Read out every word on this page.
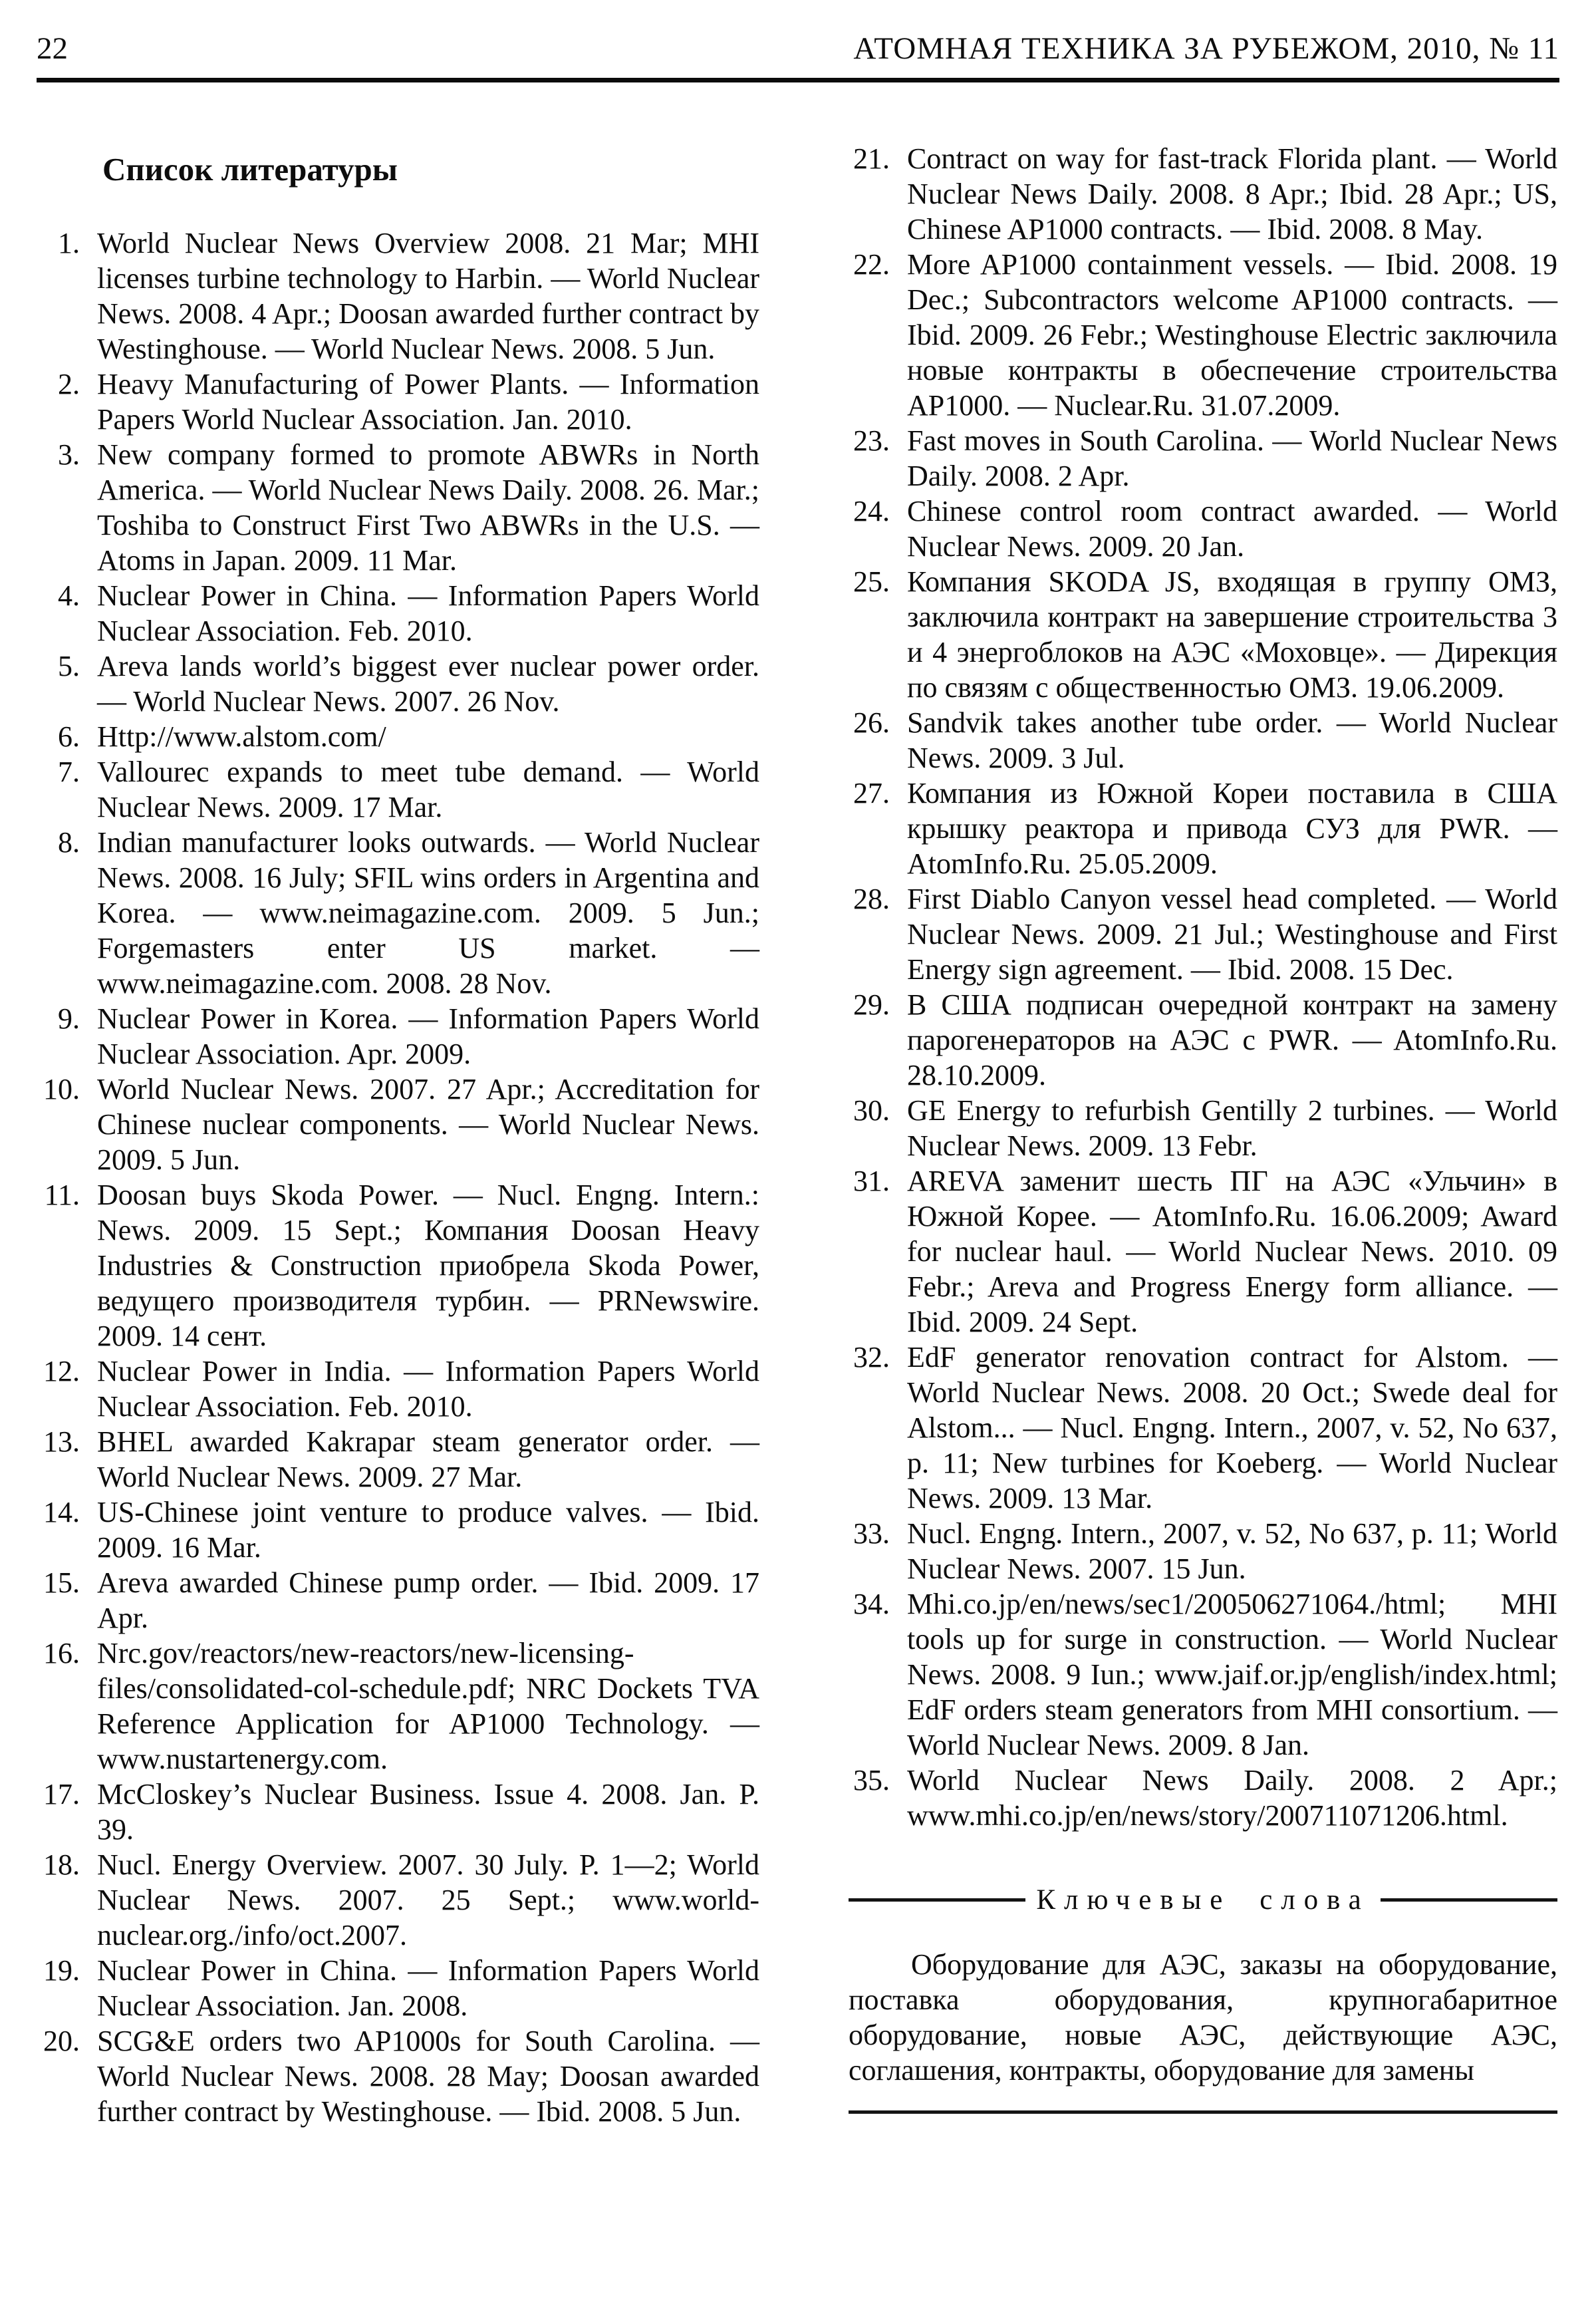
22	АТОМНАЯ ТЕХНИКА ЗА РУБЕЖОМ, 2010, № 11
Список литературы
1. World Nuclear News Overview 2008. 21 Mar; MHI licenses turbine technology to Harbin. — World Nuclear News. 2008. 4 Apr.; Doosan awarded further contract by Westinghouse. — World Nuclear News. 2008. 5 Jun.
2. Heavy Manufacturing of Power Plants. — Information Papers World Nuclear Association. Jan. 2010.
3. New company formed to promote ABWRs in North America. — World Nuclear News Daily. 2008. 26. Mar.; Toshiba to Construct First Two ABWRs in the U.S. — Atoms in Japan. 2009. 11 Mar.
4. Nuclear Power in China. — Information Papers World Nuclear Association. Feb. 2010.
5. Areva lands world’s biggest ever nuclear power order. — World Nuclear News. 2007. 26 Nov.
6. Http://www.alstom.com/
7. Vallourec expands to meet tube demand. — World Nuclear News. 2009. 17 Mar.
8. Indian manufacturer looks outwards. — World Nuclear News. 2008. 16 July; SFIL wins orders in Argentina and Korea. — www.neimagazine.com. 2009. 5 Jun.; Forgemasters enter US market. — www.neimagazine.com. 2008. 28 Nov.
9. Nuclear Power in Korea. — Information Papers World Nuclear Association. Apr. 2009.
10. World Nuclear News. 2007. 27 Apr.; Accreditation for Chinese nuclear components. — World Nuclear News. 2009. 5 Jun.
11. Doosan buys Skoda Power. — Nucl. Engng. Intern.: News. 2009. 15 Sept.; Компания Doosan Heavy Industries & Construction приобрела Skoda Power, ведущего производителя турбин. — PRNewswire. 2009. 14 сент.
12. Nuclear Power in India. — Information Papers World Nuclear Association. Feb. 2010.
13. BHEL awarded Kakrapar steam generator order. — World Nuclear News. 2009. 27 Mar.
14. US-Chinese joint venture to produce valves. — Ibid. 2009. 16 Mar.
15. Areva awarded Chinese pump order. — Ibid. 2009. 17 Apr.
16. Nrc.gov/reactors/new-reactors/new-licensing-files/consolidated-col-schedule.pdf; NRC Dockets TVA Reference Application for AP1000 Technology. — www.nustartenergy.com.
17. McCloskey’s Nuclear Business. Issue 4. 2008. Jan. P. 39.
18. Nucl. Energy Overview. 2007. 30 July. P. 1—2; World Nuclear News. 2007. 25 Sept.; www.world-nuclear.org./info/oct.2007.
19. Nuclear Power in China. — Information Papers World Nuclear Association. Jan. 2008.
20. SCG&E orders two AP1000s for South Carolina. — World Nuclear News. 2008. 28 May; Doosan awarded further contract by Westinghouse. — Ibid. 2008. 5 Jun.
21. Contract on way for fast-track Florida plant. — World Nuclear News Daily. 2008. 8 Apr.; Ibid. 28 Apr.; US, Chinese AP1000 contracts. — Ibid. 2008. 8 May.
22. More AP1000 containment vessels. — Ibid. 2008. 19 Dec.; Subcontractors welcome AP1000 contracts. — Ibid. 2009. 26 Febr.; Westinghouse Electric заключила новые контракты в обеспечение строительства AP1000. — Nuclear.Ru. 31.07.2009.
23. Fast moves in South Carolina. — World Nuclear News Daily. 2008. 2 Apr.
24. Chinese control room contract awarded. — World Nuclear News. 2009. 20 Jan.
25. Компания SKODA JS, входящая в группу ОМЗ, заключила контракт на завершение строительства 3 и 4 энергоблоков на АЭС «Моховце». — Дирекция по связям с общественностью ОМЗ. 19.06.2009.
26. Sandvik takes another tube order. — World Nuclear News. 2009. 3 Jul.
27. Компания из Южной Кореи поставила в США крышку реактора и привода СУЗ для PWR. — AtomInfo.Ru. 25.05.2009.
28. First Diablo Canyon vessel head completed. — World Nuclear News. 2009. 21 Jul.; Westinghouse and First Energy sign agreement. — Ibid. 2008. 15 Dec.
29. В США подписан очередной контракт на замену парогенераторов на АЭС с PWR. — AtomInfo.Ru. 28.10.2009.
30. GE Energy to refurbish Gentilly 2 turbines. — World Nuclear News. 2009. 13 Febr.
31. AREVA заменит шесть ПГ на АЭС «Ульчин» в Южной Корее. — AtomInfo.Ru. 16.06.2009; Award for nuclear haul. — World Nuclear News. 2010. 09 Febr.; Areva and Progress Energy form alliance. — Ibid. 2009. 24 Sept.
32. EdF generator renovation contract for Alstom. — World Nuclear News. 2008. 20 Oct.; Swede deal for Alstom... — Nucl. Engng. Intern., 2007, v. 52, No 637, p. 11; New turbines for Koeberg. — World Nuclear News. 2009. 13 Mar.
33. Nucl. Engng. Intern., 2007, v. 52, No 637, p. 11; World Nuclear News. 2007. 15 Jun.
34. Mhi.co.jp/en/news/sec1/200506271064./html; MHI tools up for surge in construction. — World Nuclear News. 2008. 9 Iun.; www.jaif.or.jp/english/index.html; EdF orders steam generators from MHI consortium. — World Nuclear News. 2009. 8 Jan.
35. World Nuclear News Daily. 2008. 2 Apr.; www.mhi.co.jp/en/news/story/200711071206.html.
Ключевые слова

Оборудование для АЭС, заказы на оборудование, поставка оборудования, крупногабаритное оборудование, новые АЭС, действующие АЭС, соглашения, контракты, оборудование для замены
